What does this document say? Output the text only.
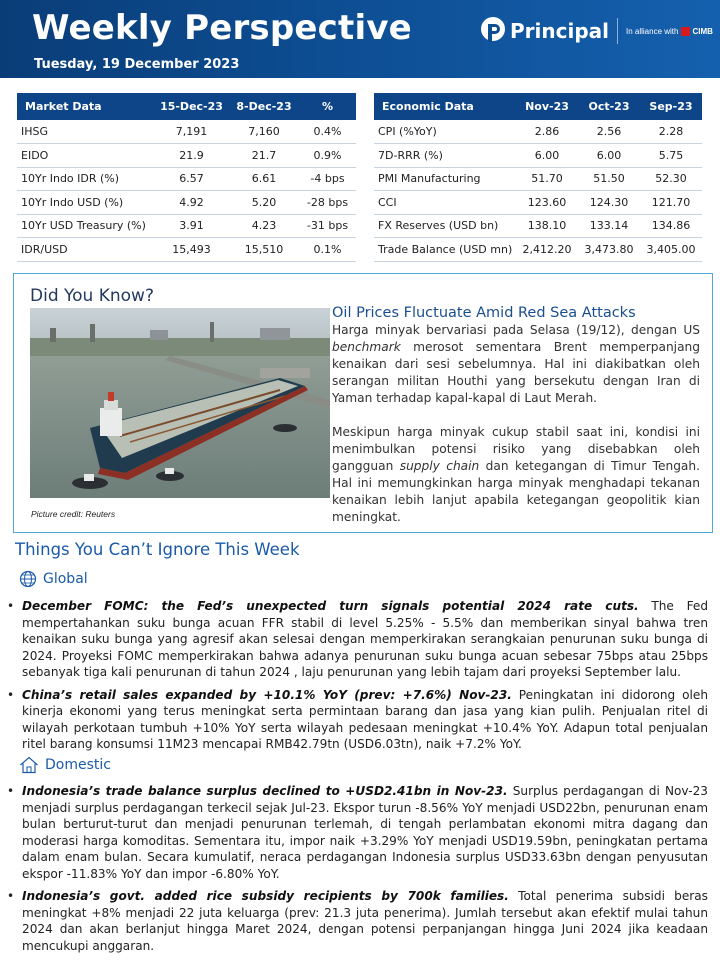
Weekly Perspective
Tuesday, 19 December 2023
Principal In alliance with CIMB
Market Data	15-Dec-23	8-Dec-23	%
IHSG	7,191	7,160	0.4%
EIDO	21.9	21.7	0.9%
10Yr Indo IDR (%)	6.57	6.61	-4 bps
10Yr Indo USD (%)	4.92	5.20	-28 bps
10Yr USD Treasury (%)	3.91	4.23	-31 bps
IDR/USD	15,493	15,510	0.1%
Economic Data	Nov-23	Oct-23	Sep-23
CPI (%YoY)	2.86	2.56	2.28
7D-RRR (%)	6.00	6.00	5.75
PMI Manufacturing	51.70	51.50	52.30
CCI	123.60	124.30	121.70
FX Reserves (USD bn)	138.10	133.14	134.86
Trade Balance (USD mn)	2,412.20	3,473.80	3,405.00
Did You Know?
Picture credit: Reuters
Oil Prices Fluctuate Amid Red Sea Attacks

Harga minyak bervariasi pada Selasa (19/12), dengan US benchmark merosot sementara Brent memperpanjang kenaikan dari sesi sebelumnya. Hal ini diakibatkan oleh serangan militan Houthi yang bersekutu dengan Iran di Yaman terhadap kapal-kapal di Laut Merah.

Meskipun harga minyak cukup stabil saat ini, kondisi ini menimbulkan potensi risiko yang disebabkan oleh gangguan supply chain dan ketegangan di Timur Tengah. Hal ini memungkinkan harga minyak menghadapi tekanan kenaikan lebih lanjut apabila ketegangan geopolitik kian meningkat.

Things You Can’t Ignore This Week
Global
• December FOMC: the Fed’s unexpected turn signals potential 2024 rate cuts. The Fed mempertahankan suku bunga acuan FFR stabil di level 5.25% - 5.5% dan memberikan sinyal bahwa tren kenaikan suku bunga yang agresif akan selesai dengan memperkirakan serangkaian penurunan suku bunga di 2024. Proyeksi FOMC memperkirakan bahwa adanya penurunan suku bunga acuan sebesar 75bps atau 25bps sebanyak tiga kali penurunan di tahun 2024 , laju penurunan yang lebih tajam dari proyeksi September lalu.
• China’s retail sales expanded by +10.1% YoY (prev: +7.6%) Nov-23. Peningkatan ini didorong oleh kinerja ekonomi yang terus meningkat serta permintaan barang dan jasa yang kian pulih. Penjualan ritel di wilayah perkotaan tumbuh +10% YoY serta wilayah pedesaan meningkat +10.4% YoY. Adapun total penjualan ritel barang konsumsi 11M23 mencapai RMB42.79tn (USD6.03tn), naik +7.2% YoY.
Domestic
• Indonesia’s trade balance surplus declined to +USD2.41bn in Nov-23. Surplus perdagangan di Nov-23 menjadi surplus perdagangan terkecil sejak Jul-23. Ekspor turun -8.56% YoY menjadi USD22bn, penurunan enam bulan berturut-turut dan menjadi penurunan terlemah, di tengah perlambatan ekonomi mitra dagang dan moderasi harga komoditas. Sementara itu, impor naik +3.29% YoY menjadi USD19.59bn, peningkatan pertama dalam enam bulan. Secara kumulatif, neraca perdagangan Indonesia surplus USD33.63bn dengan penyusutan ekspor -11.83% YoY dan impor -6.80% YoY.
• Indonesia’s govt. added rice subsidy recipients by 700k families. Total penerima subsidi beras meningkat +8% menjadi 22 juta keluarga (prev: 21.3 juta penerima). Jumlah tersebut akan efektif mulai tahun 2024 dan akan berlanjut hingga Maret 2024, dengan potensi perpanjangan hingga Juni 2024 jika keadaan mencukupi anggaran.
